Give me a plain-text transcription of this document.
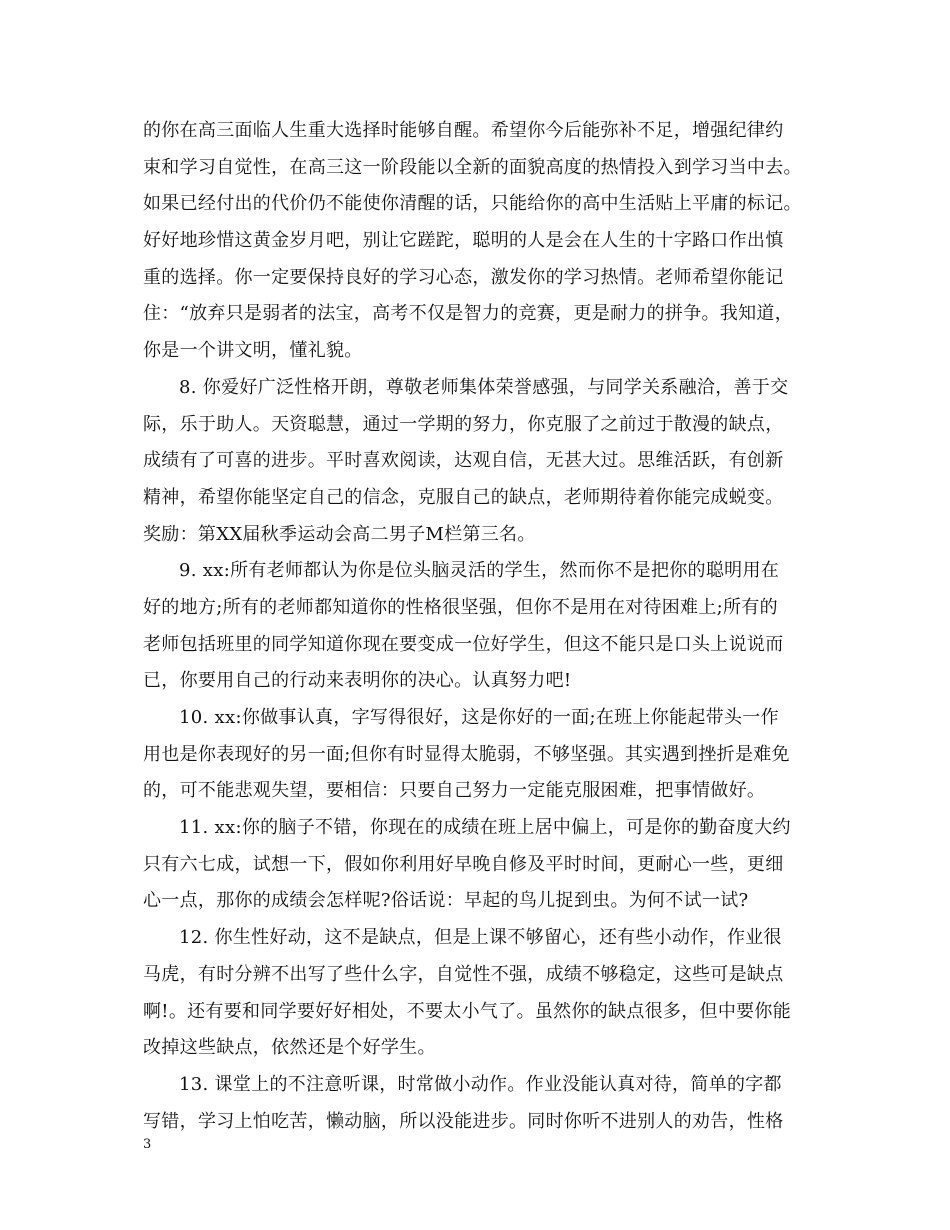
的你在高三面临人生重大选择时能够自醒。希望你今后能弥补不足，增强纪律约
束和学习自觉性，在高三这一阶段能以全新的面貌高度的热情投入到学习当中去。
如果已经付出的代价仍不能使你清醒的话，只能给你的高中生活贴上平庸的标记。
好好地珍惜这黄金岁月吧，别让它蹉跎，聪明的人是会在人生的十字路口作出慎
重的选择。你一定要保持良好的学习心态，激发你的学习热情。老师希望你能记
住：“放弃只是弱者的法宝，高考不仅是智力的竞赛，更是耐力的拼争。我知道，
你是一个讲文明，懂礼貌。
8. 你爱好广泛性格开朗，尊敬老师集体荣誉感强，与同学关系融洽，善于交
际，乐于助人。天资聪慧，通过一学期的努力，你克服了之前过于散漫的缺点，
成绩有了可喜的进步。平时喜欢阅读，达观自信，无甚大过。思维活跃，有创新
精神，希望你能坚定自己的信念，克服自己的缺点，老师期待着你能完成蜕变。
奖励：第XX届秋季运动会高二男子M栏第三名。
9. xx:所有老师都认为你是位头脑灵活的学生，然而你不是把你的聪明用在
好的地方;所有的老师都知道你的性格很坚强，但你不是用在对待困难上;所有的
老师包括班里的同学知道你现在要变成一位好学生，但这不能只是口头上说说而
已，你要用自己的行动来表明你的决心。认真努力吧!
10. xx:你做事认真，字写得很好，这是你好的一面;在班上你能起带头一作
用也是你表现好的另一面;但你有时显得太脆弱，不够坚强。其实遇到挫折是难免
的，可不能悲观失望，要相信：只要自己努力一定能克服困难，把事情做好。
11. xx:你的脑子不错，你现在的成绩在班上居中偏上，可是你的勤奋度大约
只有六七成，试想一下，假如你利用好早晚自修及平时时间，更耐心一些，更细
心一点，那你的成绩会怎样呢?俗话说：早起的鸟儿捉到虫。为何不试一试?
12. 你生性好动，这不是缺点，但是上课不够留心，还有些小动作，作业很
马虎，有时分辨不出写了些什么字，自觉性不强，成绩不够稳定，这些可是缺点
啊!。还有要和同学要好好相处，不要太小气了。虽然你的缺点很多，但中要你能
改掉这些缺点，依然还是个好学生。
13. 课堂上的不注意听课，时常做小动作。作业没能认真对待，简单的字都
写错，学习上怕吃苦，懒动脑，所以没能进步。同时你听不进别人的劝告，性格
3
